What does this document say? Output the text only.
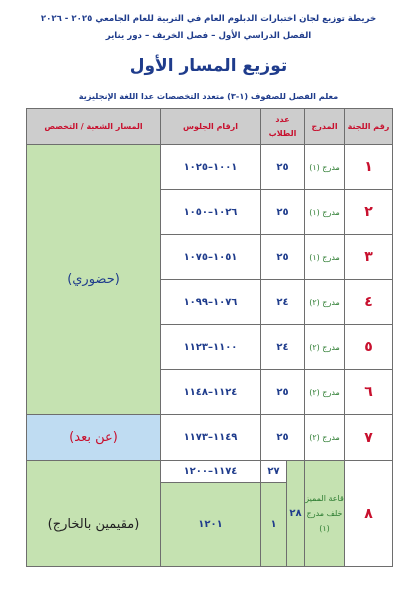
خريطة توزيع لجان اختبارات الدبلوم العام في التربية للعام الجامعي ٢٠٢٥ - ٢٠٢٦
الفصل الدراسي الأول – فصل الخريف – دور يناير
توزيع المسار الأول
معلم الفصل للصفوف (١-٣) متعدد التخصصات عدا اللغة الإنجليزية
رقم اللجنة	المدرج	عدد الطلاب		ارقام الجلوس	المسار الشعبة / التخصص
١	مدرج (١)	٢٥		١٠٠١–١٠٢٥	(حضوري)
٢	مدرج (١)	٢٥		١٠٢٦–١٠٥٠	
٣	مدرج (١)	٢٥		١٠٥١–١٠٧٥	
٤	مدرج (٢)	٢٤		١٠٧٦–١٠٩٩	
٥	مدرج (٢)	٢٤		١١٠٠–١١٢٣	
٦	مدرج (٢)	٢٥		١١٢٤–١١٤٨	
٧	مدرج (٢)	٢٥		١١٤٩–١١٧٣	(عن بعد)
٨	قاعة المميز خلف مدرج (١)	٢٨	٢٧	١١٧٤–١٢٠٠	
			١	١٢٠١	(مقيمين بالخارج)
